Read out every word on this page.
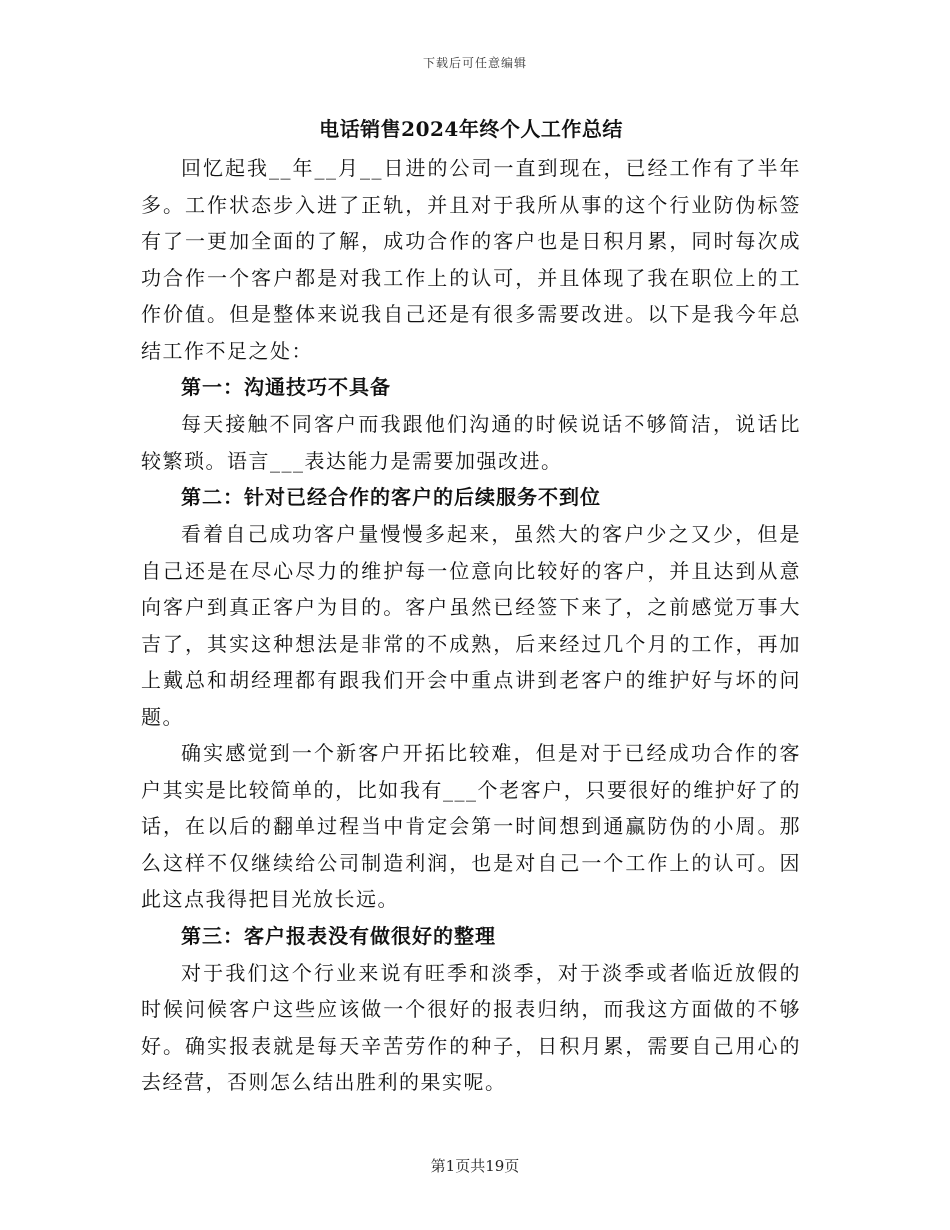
下载后可任意编辑
电话销售2024年终个人工作总结

回忆起我__年__月__日进的公司一直到现在，已经工作有了半年多。工作状态步入进了正轨，并且对于我所从事的这个行业防伪标签有了一更加全面的了解，成功合作的客户也是日积月累，同时每次成功合作一个客户都是对我工作上的认可，并且体现了我在职位上的工作价值。但是整体来说我自己还是有很多需要改进。以下是我今年总结工作不足之处：

第一：沟通技巧不具备

每天接触不同客户而我跟他们沟通的时候说话不够简洁，说话比较繁琐。语言___表达能力是需要加强改进。

第二：针对已经合作的客户的后续服务不到位

看着自己成功客户量慢慢多起来，虽然大的客户少之又少，但是自己还是在尽心尽力的维护每一位意向比较好的客户，并且达到从意向客户到真正客户为目的。客户虽然已经签下来了，之前感觉万事大吉了，其实这种想法是非常的不成熟，后来经过几个月的工作，再加上戴总和胡经理都有跟我们开会中重点讲到老客户的维护好与坏的问题。

确实感觉到一个新客户开拓比较难，但是对于已经成功合作的客户其实是比较简单的，比如我有___个老客户，只要很好的维护好了的话，在以后的翻单过程当中肯定会第一时间想到通赢防伪的小周。那么这样不仅继续给公司制造利润，也是对自己一个工作上的认可。因此这点我得把目光放长远。

第三：客户报表没有做很好的整理

对于我们这个行业来说有旺季和淡季，对于淡季或者临近放假的时候问候客户这些应该做一个很好的报表归纳，而我这方面做的不够好。确实报表就是每天辛苦劳作的种子，日积月累，需要自己用心的去经营，否则怎么结出胜利的果实呢。

第1页共19页
